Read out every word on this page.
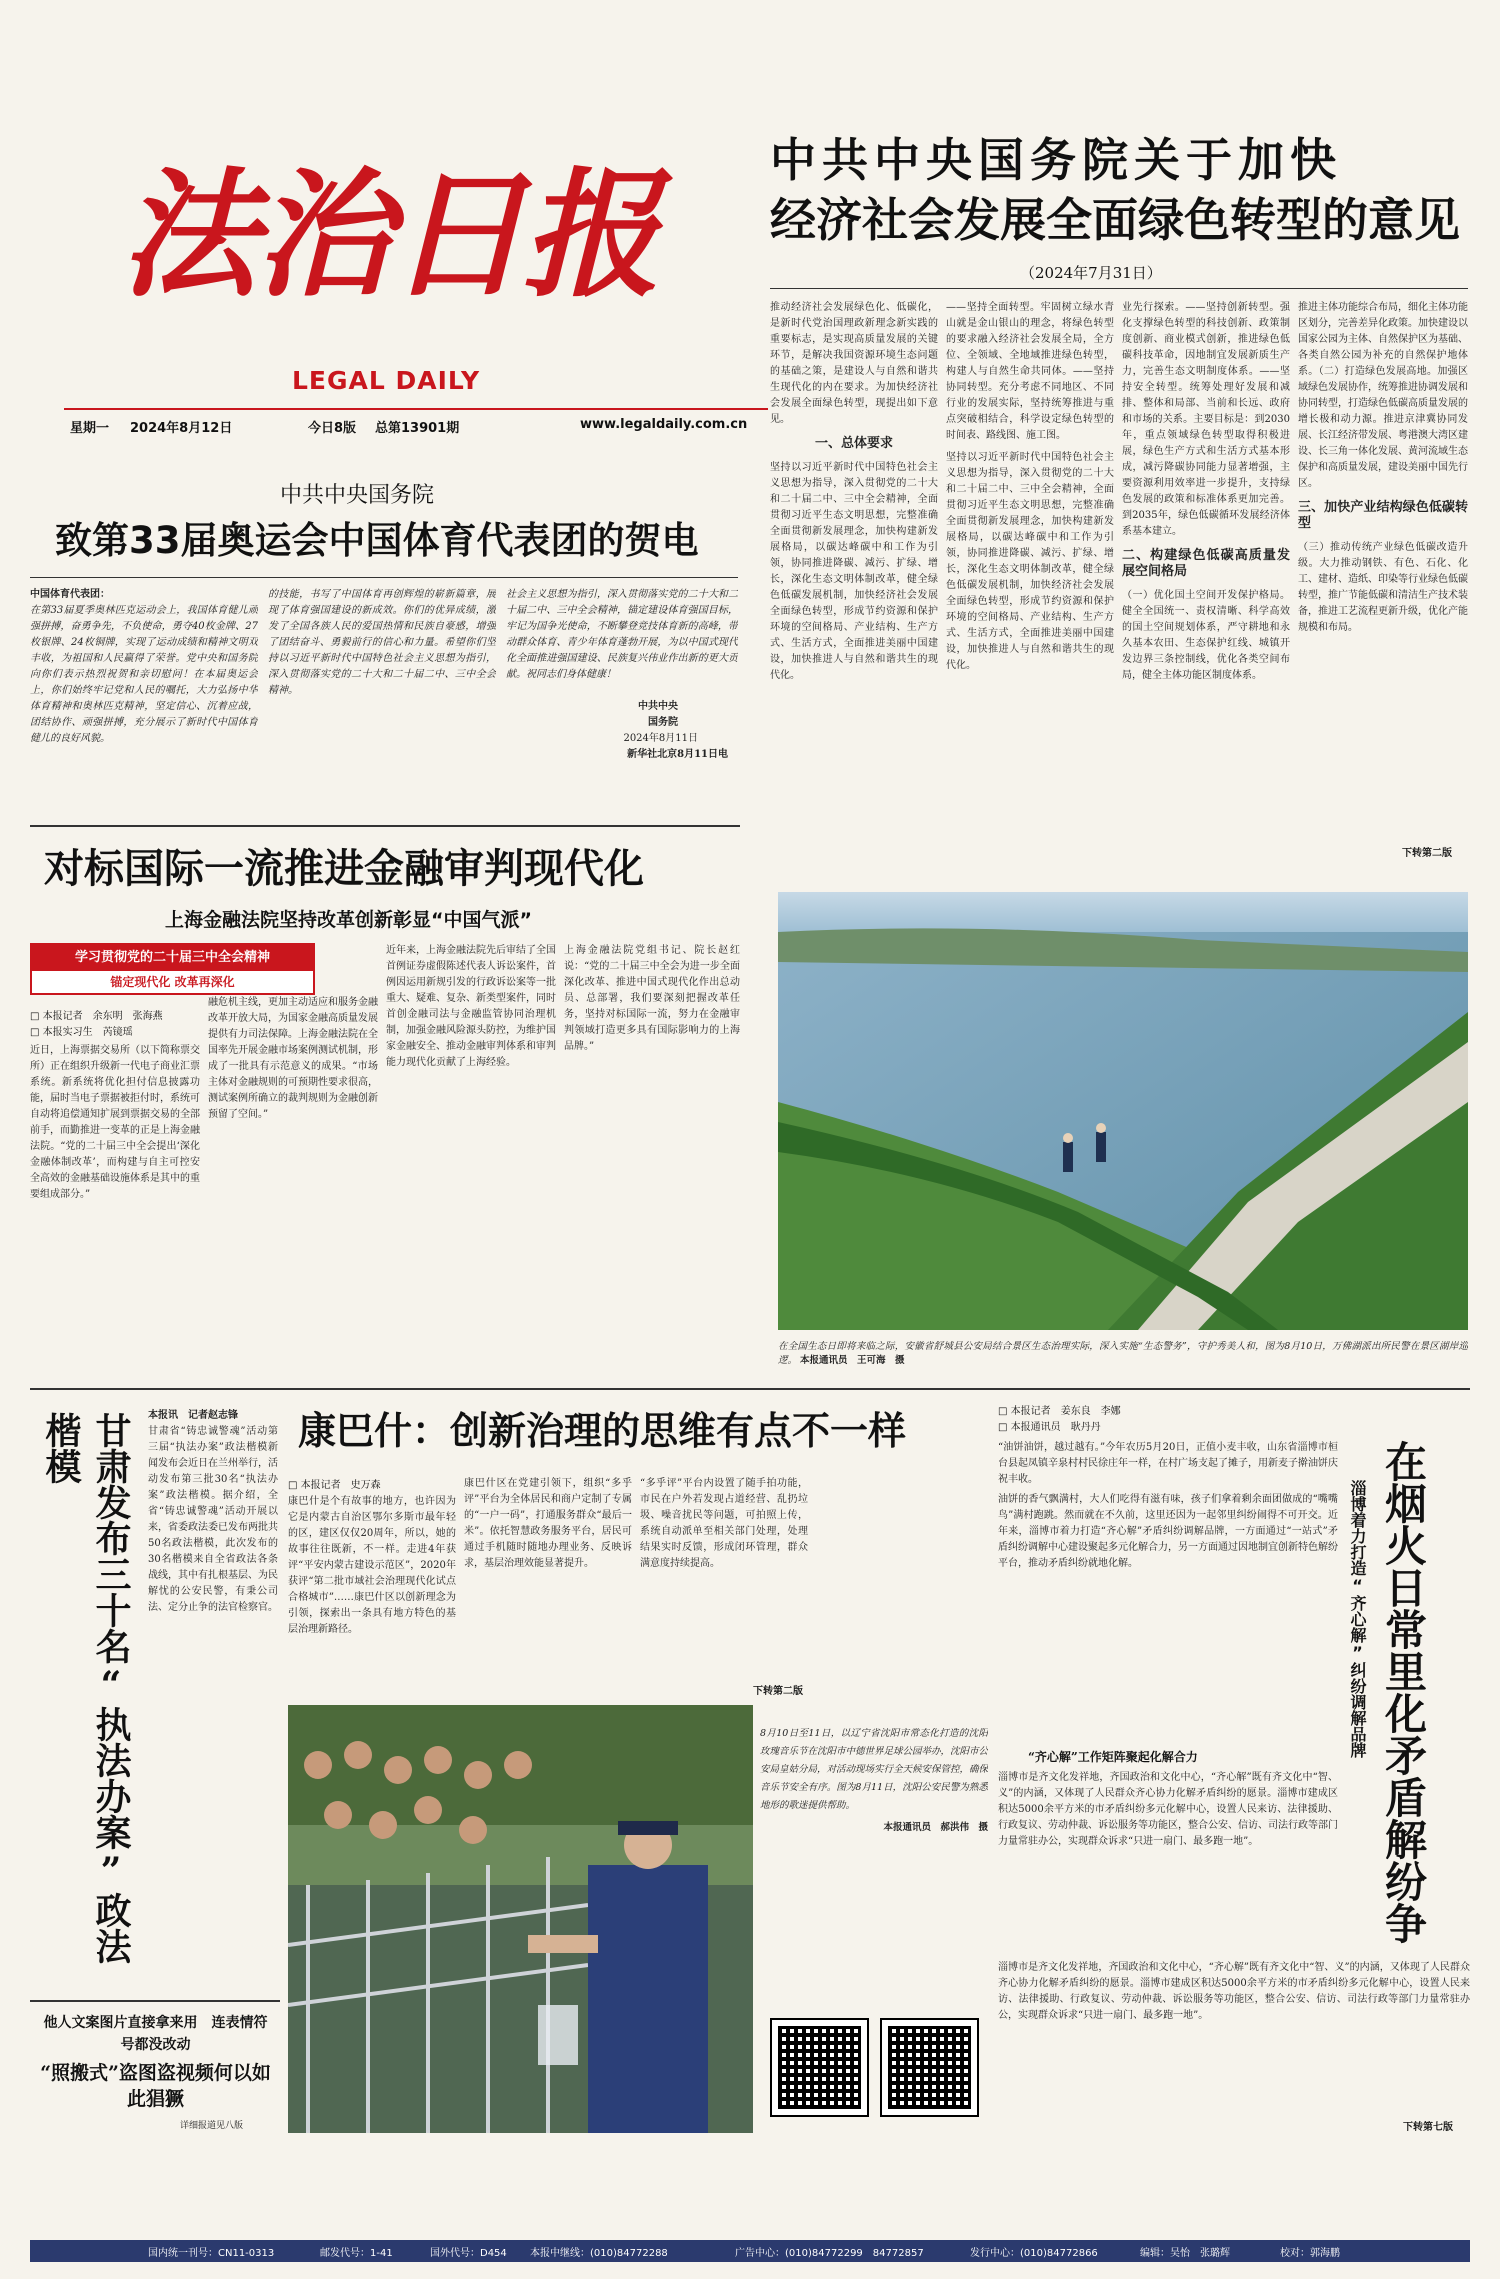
法治日报
LEGAL DAILY
星期一 2024年8月12日	今日8版 总第13901期	www.legaldaily.com.cn
中共中央国务院关于加快
经济社会发展全面绿色转型的意见
（2024年7月31日）
推动经济社会发展绿色化、低碳化，是新时代党治国理政新理念新实践的重要标志，是实现高质量发展的关键环节，是解决我国资源环境生态问题的基础之策，是建设人与自然和谐共生现代化的内在要求。为加快经济社会发展全面绿色转型，现提出如下意见。
一、总体要求
坚持以习近平新时代中国特色社会主义思想为指导，深入贯彻党的二十大和二十届二中、三中全会精神，全面贯彻习近平生态文明思想，完整准确全面贯彻新发展理念，加快构建新发展格局，以碳达峰碳中和工作为引领，协同推进降碳、减污、扩绿、增长，深化生态文明体制改革，健全绿色低碳发展机制，加快经济社会发展全面绿色转型，形成节约资源和保护环境的空间格局、产业结构、生产方式、生活方式，全面推进美丽中国建设，加快推进人与自然和谐共生的现代化。
——坚持全面转型。牢固树立绿水青山就是金山银山的理念，将绿色转型的要求融入经济社会发展全局，全方位、全领域、全地域推进绿色转型，构建人与自然生命共同体。——坚持协同转型。充分考虑不同地区、不同行业的发展实际，坚持统筹推进与重点突破相结合，科学设定绿色转型的时间表、路线图、施工图。
坚持以习近平新时代中国特色社会主义思想为指导，深入贯彻党的二十大和二十届二中、三中全会精神，全面贯彻习近平生态文明思想，完整准确全面贯彻新发展理念，加快构建新发展格局，以碳达峰碳中和工作为引领，协同推进降碳、减污、扩绿、增长，深化生态文明体制改革，健全绿色低碳发展机制，加快经济社会发展全面绿色转型，形成节约资源和保护环境的空间格局、产业结构、生产方式、生活方式，全面推进美丽中国建设，加快推进人与自然和谐共生的现代化。
业先行探索。——坚持创新转型。强化支撑绿色转型的科技创新、政策制度创新、商业模式创新，推进绿色低碳科技革命，因地制宜发展新质生产力，完善生态文明制度体系。——坚持安全转型。统筹处理好发展和减排、整体和局部、当前和长远、政府和市场的关系。主要目标是：到2030年，重点领域绿色转型取得积极进展，绿色生产方式和生活方式基本形成，减污降碳协同能力显著增强，主要资源利用效率进一步提升，支持绿色发展的政策和标准体系更加完善。到2035年，绿色低碳循环发展经济体系基本建立。
二、构建绿色低碳高质量发展空间格局
（一）优化国土空间开发保护格局。健全全国统一、责权清晰、科学高效的国土空间规划体系，严守耕地和永久基本农田、生态保护红线、城镇开发边界三条控制线，优化各类空间布局，健全主体功能区制度体系。
推进主体功能综合布局，细化主体功能区划分，完善差异化政策。加快建设以国家公园为主体、自然保护区为基础、各类自然公园为补充的自然保护地体系。（二）打造绿色发展高地。加强区域绿色发展协作，统筹推进协调发展和协同转型，打造绿色低碳高质量发展的增长极和动力源。推进京津冀协同发展、长江经济带发展、粤港澳大湾区建设、长三角一体化发展、黄河流域生态保护和高质量发展，建设美丽中国先行区。
三、加快产业结构绿色低碳转型
（三）推动传统产业绿色低碳改造升级。大力推动钢铁、有色、石化、化工、建材、造纸、印染等行业绿色低碳转型，推广节能低碳和清洁生产技术装备，推进工艺流程更新升级，优化产能规模和布局。
下转第二版
中共中央国务院
致第33届奥运会中国体育代表团的贺电
中国体育代表团：
在第33届夏季奥林匹克运动会上，我国体育健儿顽强拼搏，奋勇争先，不负使命，勇夺40枚金牌、27枚银牌、24枚铜牌，实现了运动成绩和精神文明双丰收，为祖国和人民赢得了荣誉。党中央和国务院向你们表示热烈祝贺和亲切慰问！在本届奥运会上，你们始终牢记党和人民的嘱托，大力弘扬中华体育精神和奥林匹克精神，坚定信心、沉着应战，团结协作、顽强拼搏，充分展示了新时代中国体育健儿的良好风貌。
的技能，书写了中国体育再创辉煌的崭新篇章，展现了体育强国建设的新成效。你们的优异成绩，激发了全国各族人民的爱国热情和民族自豪感，增强了团结奋斗、勇毅前行的信心和力量。希望你们坚持以习近平新时代中国特色社会主义思想为指引，深入贯彻落实党的二十大和二十届二中、三中全会精神。
社会主义思想为指引，深入贯彻落实党的二十大和二十届二中、三中全会精神，锚定建设体育强国目标，牢记为国争光使命，不断攀登竞技体育新的高峰，带动群众体育、青少年体育蓬勃开展，为以中国式现代化全面推进强国建设、民族复兴伟业作出新的更大贡献。祝同志们身体健康！
中共中央
国务院
2024年8月11日
新华社北京8月11日电
对标国际一流推进金融审判现代化
上海金融法院坚持改革创新彰显“中国气派”
学习贯彻党的二十届三中全会精神
锚定现代化 改革再深化
□ 本报记者　余东明　张海燕
□ 本报实习生　芮镜瑶
近日，上海票据交易所（以下简称票交所）正在组织升级新一代电子商业汇票系统。新系统将优化担付信息披露功能，届时当电子票据被拒付时，系统可自动将追偿通知扩展到票据交易的全部前手，而勤推进一变革的正是上海金融法院。“党的二十届三中全会提出‘深化金融体制改革’，而构建与自主可控安全高效的金融基础设施体系是其中的重要组成部分。”
融危机主线，更加主动适应和服务金融改革开放大局，为国家金融高质量发展提供有力司法保障。上海金融法院在全国率先开展金融市场案例测试机制，形成了一批具有示范意义的成果。“市场主体对金融规则的可预期性要求很高，测试案例所确立的裁判规则为金融创新预留了空间。”
近年来，上海金融法院先后审结了全国首例证券虚假陈述代表人诉讼案件，首例因运用新规引发的行政诉讼案等一批重大、疑难、复杂、新类型案件，同时首创金融司法与金融监管协同治理机制，加强金融风险源头防控，为维护国家金融安全、推动金融审判体系和审判能力现代化贡献了上海经验。
上海金融法院党组书记、院长赵红说：“党的二十届三中全会为进一步全面深化改革、推进中国式现代化作出总动员、总部署，我们要深刻把握改革任务，坚持对标国际一流，努力在金融审判领域打造更多具有国际影响力的上海品牌。”
在全国生态日即将来临之际，安徽省舒城县公安局结合景区生态治理实际，深入实施“生态警务”，守护秀美人和，图为8月10日，万佛湖派出所民警在景区湖岸巡逻。 本报通讯员　王可海　摄
甘肃发布三十名“执法办案”政法楷模	本报讯　记者赵志锋
甘肃省“铸忠诚警魂”活动第三届“执法办案”政法楷模新闻发布会近日在兰州举行，活动发布第三批30名“执法办案”政法楷模。据介绍，全省“铸忠诚警魂”活动开展以来，省委政法委已发布两批共50名政法楷模，此次发布的30名楷模来自全省政法各条战线，其中有扎根基层、为民解忧的公安民警，有秉公司法、定分止争的法官检察官。
他人文案图片直接拿来用　连表情符号都没改动
“照搬式”盗图盗视频何以如此猖獗
详细报道见八版
康巴什：创新治理的思维有点不一样
□ 本报记者　史万森
康巴什是个有故事的地方，也许因为它是内蒙古自治区鄂尔多斯市最年轻的区，建区仅仅20周年，所以，她的故事往往既新，不一样。走进4年获评“平安内蒙古建设示范区”，2020年获评“第二批市域社会治理现代化试点合格城市”……康巴什区以创新理念为引领，探索出一条具有地方特色的基层治理新路径。
康巴什区在党建引领下，组织“多乎评”平台为全体居民和商户定制了专属的“一户一码”，打通服务群众“最后一米”。依托智慧政务服务平台，居民可通过手机随时随地办理业务、反映诉求，基层治理效能显著提升。
“多乎评”平台内设置了随手拍功能，市民在户外若发现占道经营、乱扔垃圾、噪音扰民等问题，可拍照上传，系统自动派单至相关部门处理，处理结果实时反馈，形成闭环管理，群众满意度持续提高。
下转第二版
8月10日至11日，以辽宁省沈阳市常态化打造的沈阳玫瑰音乐节在沈阳市中德世界足球公园举办，沈阳市公安局皇姑分局，对活动现场实行全天候安保管控，确保音乐节安全有序。图为8月11日，沈阳公安民警为熟悉地形的歌迷提供帮助。
本报通讯员　郝洪伟　摄
□ 本报记者　姜东良　李娜
□ 本报通讯员　耿丹丹
在烟火日常里化矛盾解纷争
淄博着力打造“齐心解”纠纷调解品牌
“油饼油饼，越过越有。”今年农历5月20日，正值小麦丰收，山东省淄博市桓台县起凤镇辛泉村村民徐庄年一样，在村广场支起了摊子，用新麦子擀油饼庆祝丰收。
油饼的香气飘满村，大人们吃得有滋有味，孩子们拿着剩余面团做成的“嘴嘴鸟”满村跑跳。然而就在不久前，这里还因为一起邻里纠纷闹得不可开交。近年来，淄博市着力打造“齐心解”矛盾纠纷调解品牌，一方面通过“一站式”矛盾纠纷调解中心建设聚起多元化解合力，另一方面通过因地制宜创新特色解纷平台，推动矛盾纠纷就地化解。
“齐心解”工作矩阵聚起化解合力
淄博市是齐文化发祥地，齐国政治和文化中心，“齐心解”既有齐文化中“智、义”的内涵，又体现了人民群众齐心协力化解矛盾纠纷的愿景。淄博市建成区积达5000余平方米的市矛盾纠纷多元化解中心，设置人民来访、法律援助、行政复议、劳动仲裁、诉讼服务等功能区，整合公安、信访、司法行政等部门力量常驻办公，实现群众诉求“只进一扇门、最多跑一地”。
淄博市是齐文化发祥地，齐国政治和文化中心，“齐心解”既有齐文化中“智、义”的内涵，又体现了人民群众齐心协力化解矛盾纠纷的愿景。淄博市建成区积达5000余平方米的市矛盾纠纷多元化解中心，设置人民来访、法律援助、行政复议、劳动仲裁、诉讼服务等功能区，整合公安、信访、司法行政等部门力量常驻办公，实现群众诉求“只进一扇门、最多跑一地”。
下转第七版
国内统一刊号：CN11-0313	邮发代号：1-41	国外代号：D454 本报中继线：(010)84772288	广告中心：(010)84772299　84772857	发行中心：(010)84772866	编辑：吴怡　张璐辉	校对：郭海鹏
